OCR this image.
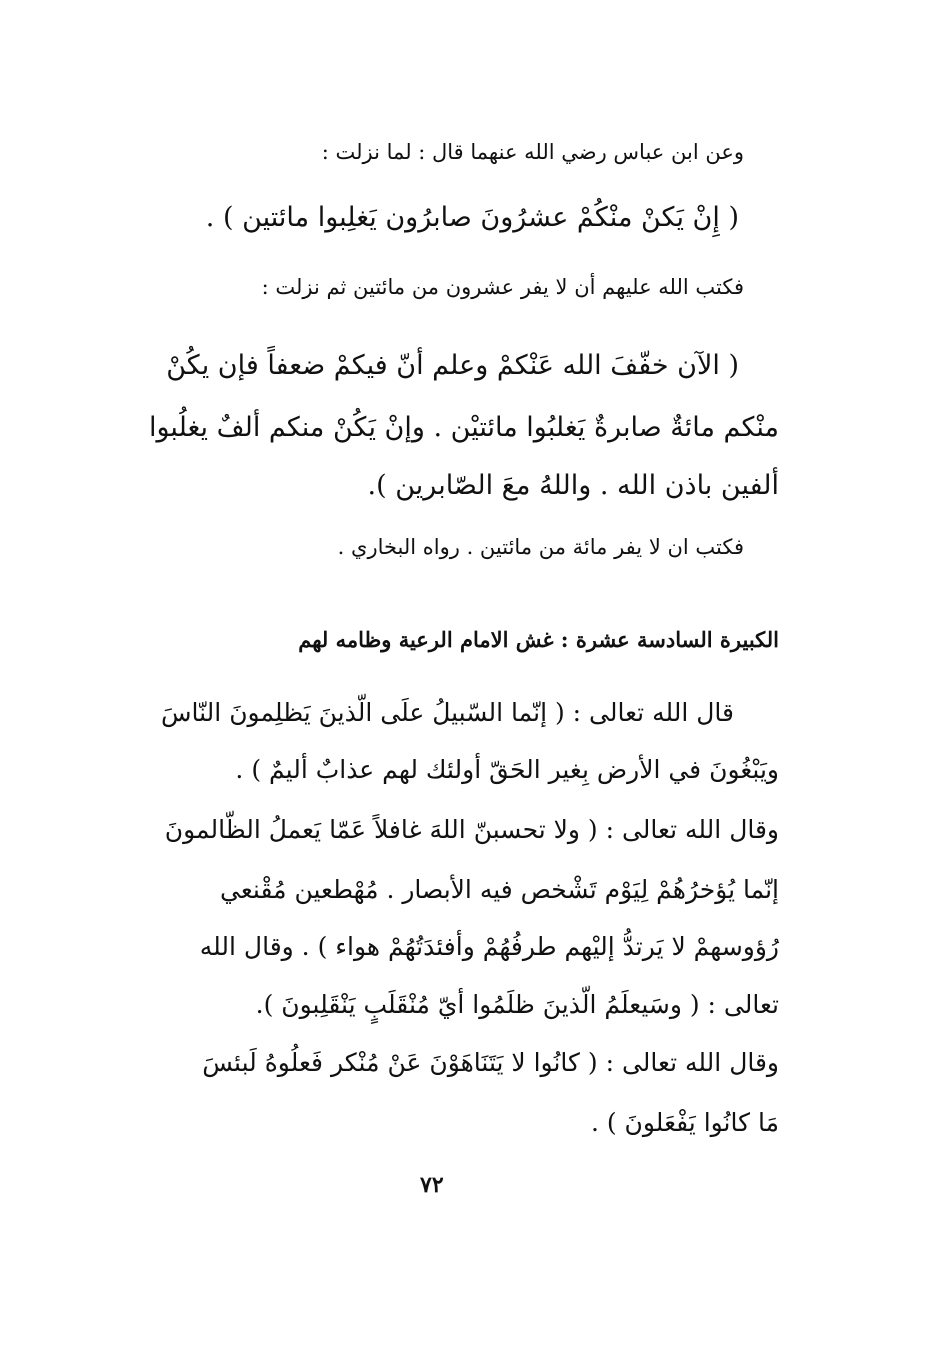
وعن ابن عباس رضي الله عنهما قال : لما نزلت :
( إِنْ يَكنْ منْكُمْ عشرُونَ صابرُون يَغلِبوا مائتين ) .
فكتب الله عليهم أن لا يفر عشرون من مائتين ثم نزلت :
( الآن خفّفَ الله عَنْكمْ وعلم أنّ فيكمْ ضعفاً فإن يكُنْ
منْكم مائةٌ صابرةٌ يَغلبُوا مائتيْن . وإنْ يَكُنْ منكم ألفٌ يغلُبوا
ألفين باذن الله . واللهُ معَ الصّابرين ).
فكتب ان لا يفر مائة من مائتين . رواه البخاري .
الكبيرة السادسة عشرة : غش الامام الرعية وظامه لهم
قال الله تعالى : ( إنّما السّبيلُ علَى الّذينَ يَظلِمونَ النّاسَ
ويَبْغُونَ في الأرض بِغير الحَقّ أولئك لهم عذابٌ أليمٌ ) .
وقال الله تعالى : ( ولا تحسبنّ اللهَ غافلاً عَمّا يَعملُ الظّالمونَ
إنّما يُؤخرُهُمْ لِيَوْم تَشْخص فيه الأبصار . مُهْطعين مُقْنعي
رُؤوسهمْ لا يَرتدُّ إليْهم طرفُهُمْ وأفئدَتُهُمْ هواء ) . وقال الله
تعالى : ( وسَيعلَمُ الّذينَ ظلَمُوا أيّ مُنْقَلَبٍ يَنْقَلِبونَ ).
وقال الله تعالى : ( كانُوا لا يَتَنَاهَوْنَ عَنْ مُنْكر فَعلُوهُ لَبئسَ
مَا كانُوا يَفْعَلونَ ) .
٧٢
